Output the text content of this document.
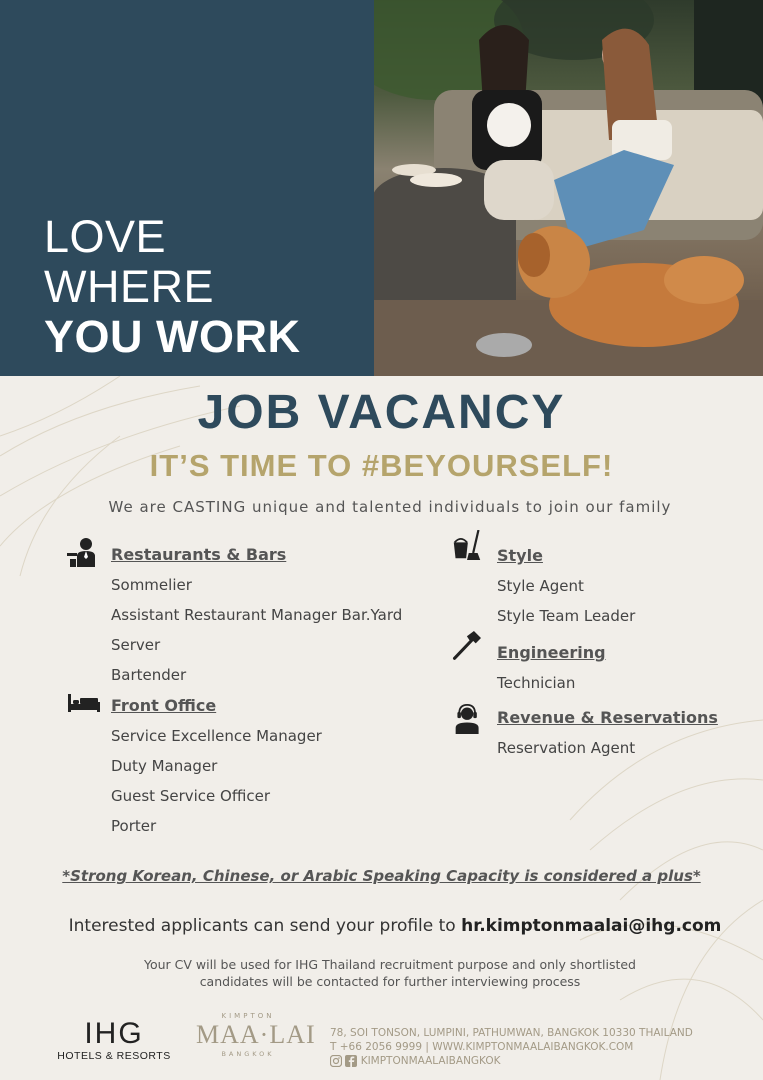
LOVE
WHERE
YOU WORK
JOB VACANCY
IT’S TIME TO #BEYOURSELF!
We are CASTING unique and talented individuals to join our family
Restaurants & Bars
Sommelier
Assistant Restaurant Manager Bar.Yard
Server
Bartender
Front Office
Service Excellence Manager
Duty Manager
Guest Service Officer
Porter
Style
Style Agent
Style Team Leader
Engineering
Technician
Revenue & Reservations
Reservation Agent
*Strong Korean, Chinese, or Arabic Speaking Capacity is considered a plus*
Interested applicants can send your profile to hr.kimptonmaalai@ihg.com
Your CV will be used for IHG Thailand recruitment purpose and only shortlisted
candidates will be contacted for further interviewing process
IHG
HOTELS & RESORTS
KIMPTON
MAA·LAI
BANGKOK
78, SOI TONSON, LUMPINI, PATHUMWAN, BANGKOK 10330 THAILAND
T +66 2056 9999 | WWW.KIMPTONMAALAIBANGKOK.COM
KIMPTONMAALAIBANGKOK
